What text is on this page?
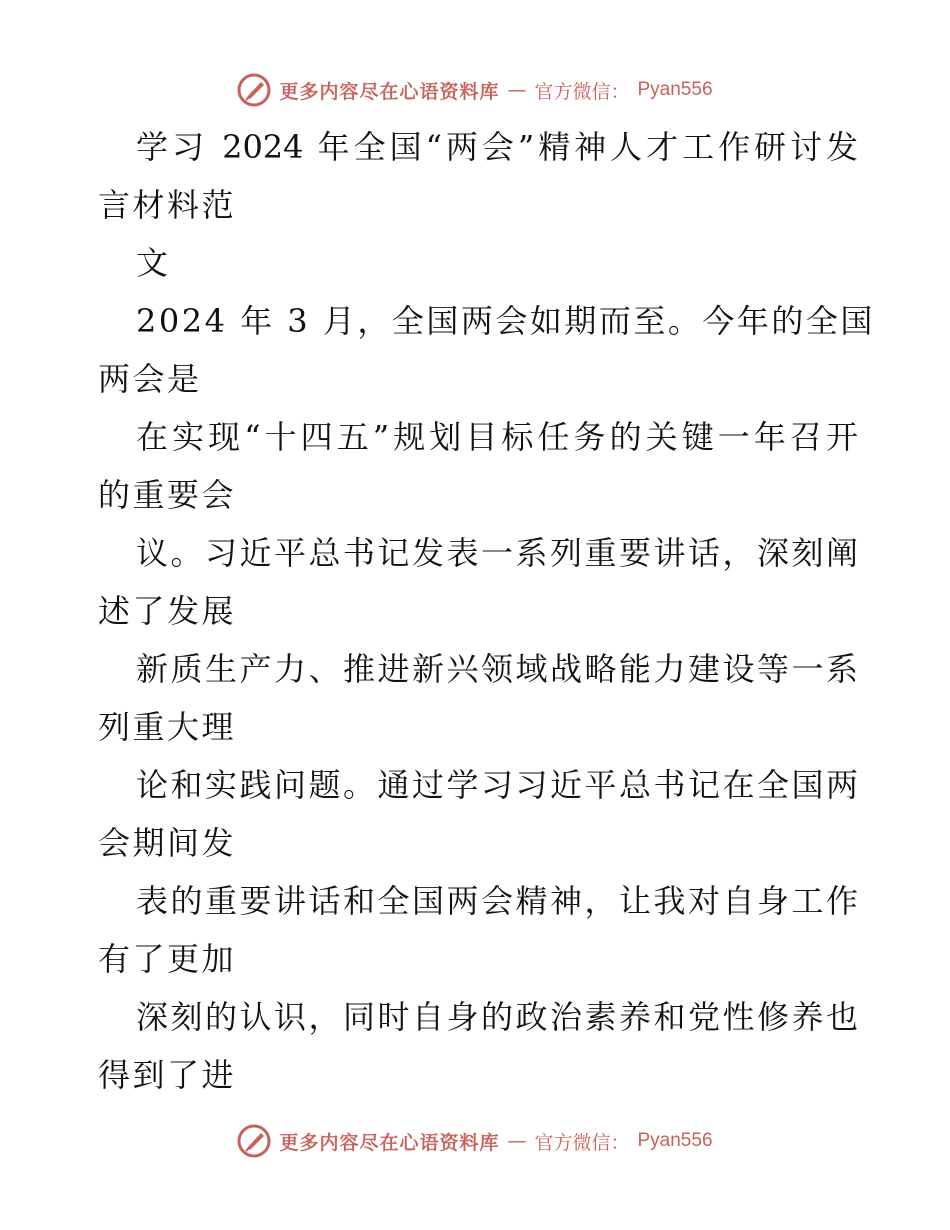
更多内容尽在心语资料库 — 官方微信： Pyan556
学习 2024 年全国“两会”精神人才工作研讨发
言材料范
文
2024 年 3 月，全国两会如期而至。今年的全国
两会是
在实现“十四五”规划目标任务的关键一年召开
的重要会
议。习近平总书记发表一系列重要讲话，深刻阐
述了发展
新质生产力、推进新兴领域战略能力建设等一系
列重大理
论和实践问题。通过学习习近平总书记在全国两
会期间发
表的重要讲话和全国两会精神，让我对自身工作
有了更加
深刻的认识，同时自身的政治素养和党性修养也
得到了进
更多内容尽在心语资料库 — 官方微信： Pyan556
